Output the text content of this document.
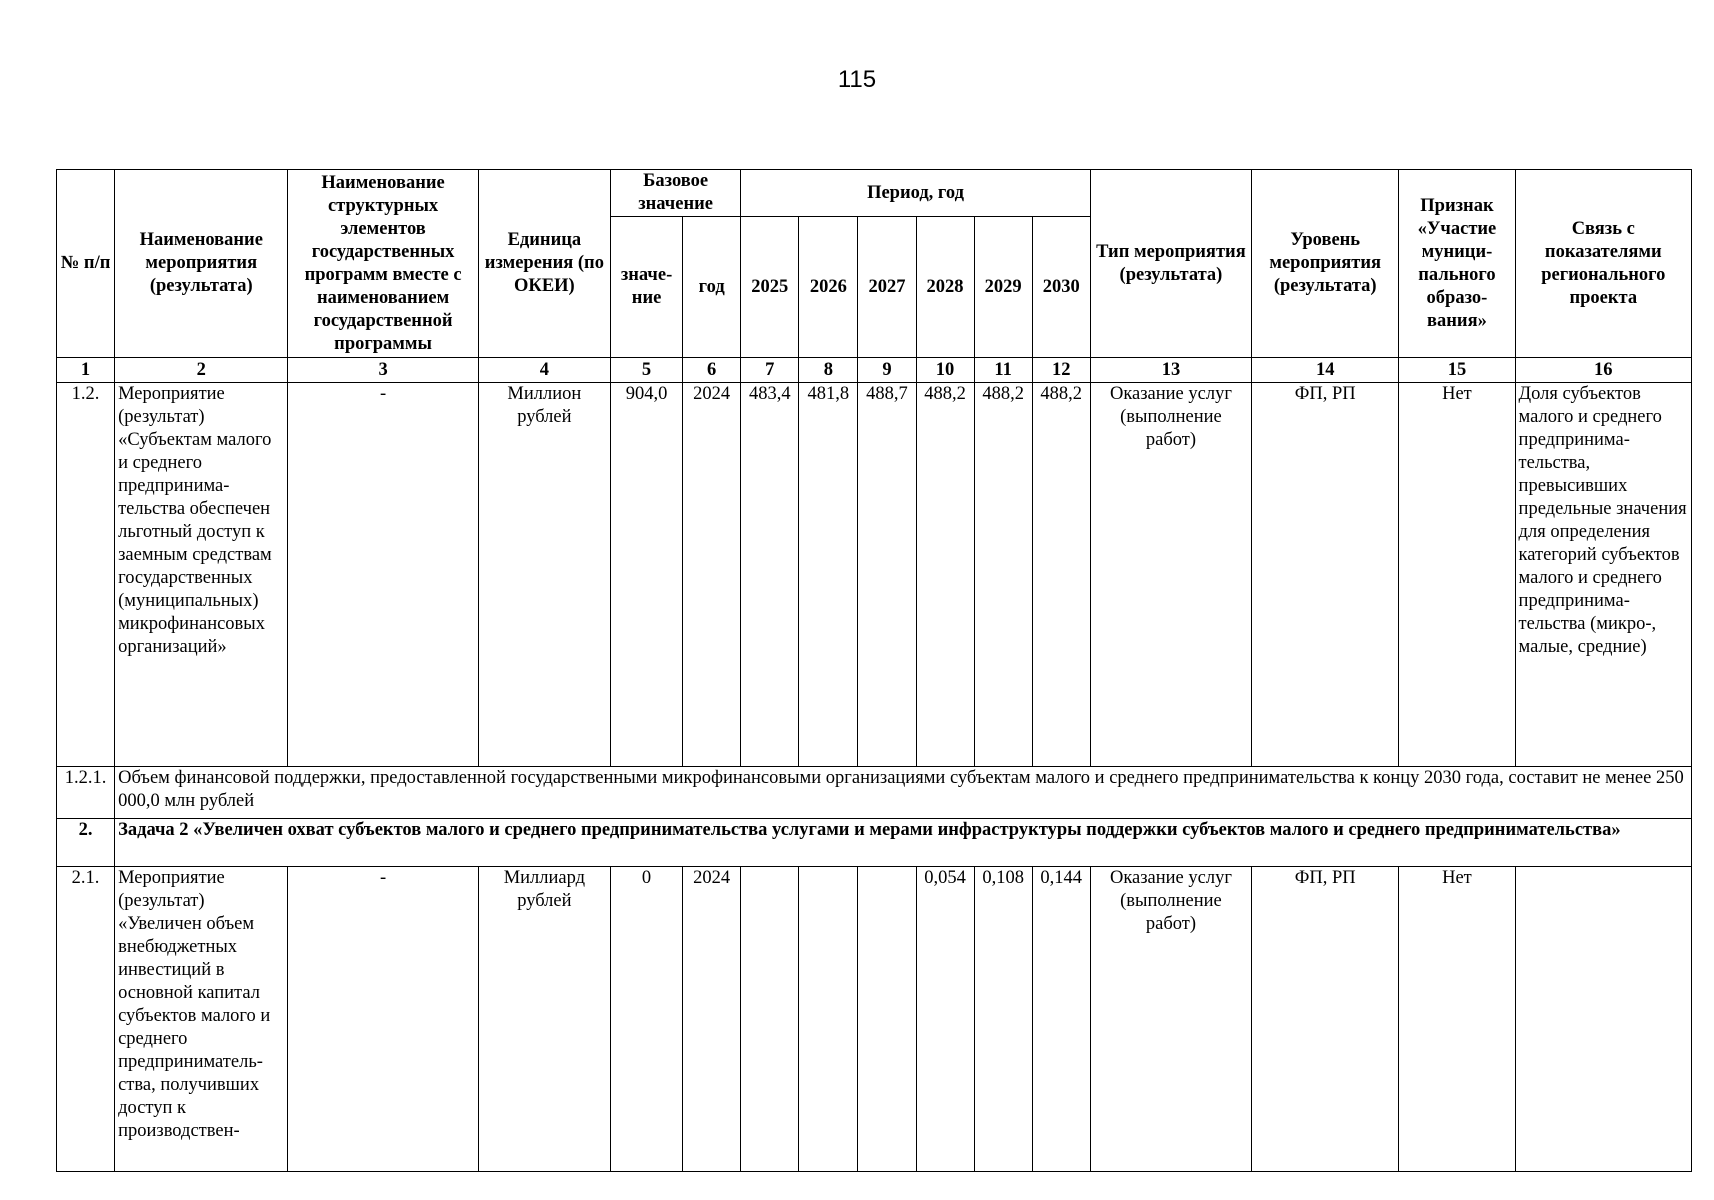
115
№ п/п	Наименование мероприятия (результата)	Наименование структурных элементов государственных программ вместе с наименованием государственной программы	Единица измерения (по ОКЕИ)	Базовое значение		Период, год						Тип мероприятия (результата)	Уровень мероприятия (результата)	Признак «Участие муници-пального образо-вания»	Связь с показателями регионального проекта
				значе-ние	год	2025	2026	2027	2028	2029	2030				
1	2	3	4	5	6	7	8	9	10	11	12	13	14	15	16
1.2.	Мероприятие (результат) «Субъектам малого и среднего предпринима-тельства обеспечен льготный доступ к заемным средствам государственных (муниципальных) микрофинансовых организаций»	-	Миллион рублей	904,0	2024	483,4	481,8	488,7	488,2	488,2	488,2	Оказание услуг (выполнение работ)	ФП, РП	Нет	Доля субъектов малого и среднего предпринима-тельства, превысивших предельные значения для определения категорий субъектов малого и среднего предпринима-тельства (микро-, малые, средние)
1.2.1.	Объем финансовой поддержки, предоставленной государственными микрофинансовыми организациями субъектам малого и среднего предпринимательства к концу 2030 года, составит не менее 250 000,0 млн рублей														
2.	Задача 2 «Увеличен охват субъектов малого и среднего предпринимательства услугами и мерами инфраструктуры поддержки субъектов малого и среднего предпринимательства»														
2.1.	Мероприятие (результат) «Увеличен объем внебюджетных инвестиций в основной капитал субъектов малого и среднего предприниматель-ства, получивших доступ к производствен-	-	Миллиард рублей	0	2024				0,054	0,108	0,144	Оказание услуг (выполнение работ)	ФП, РП	Нет	
